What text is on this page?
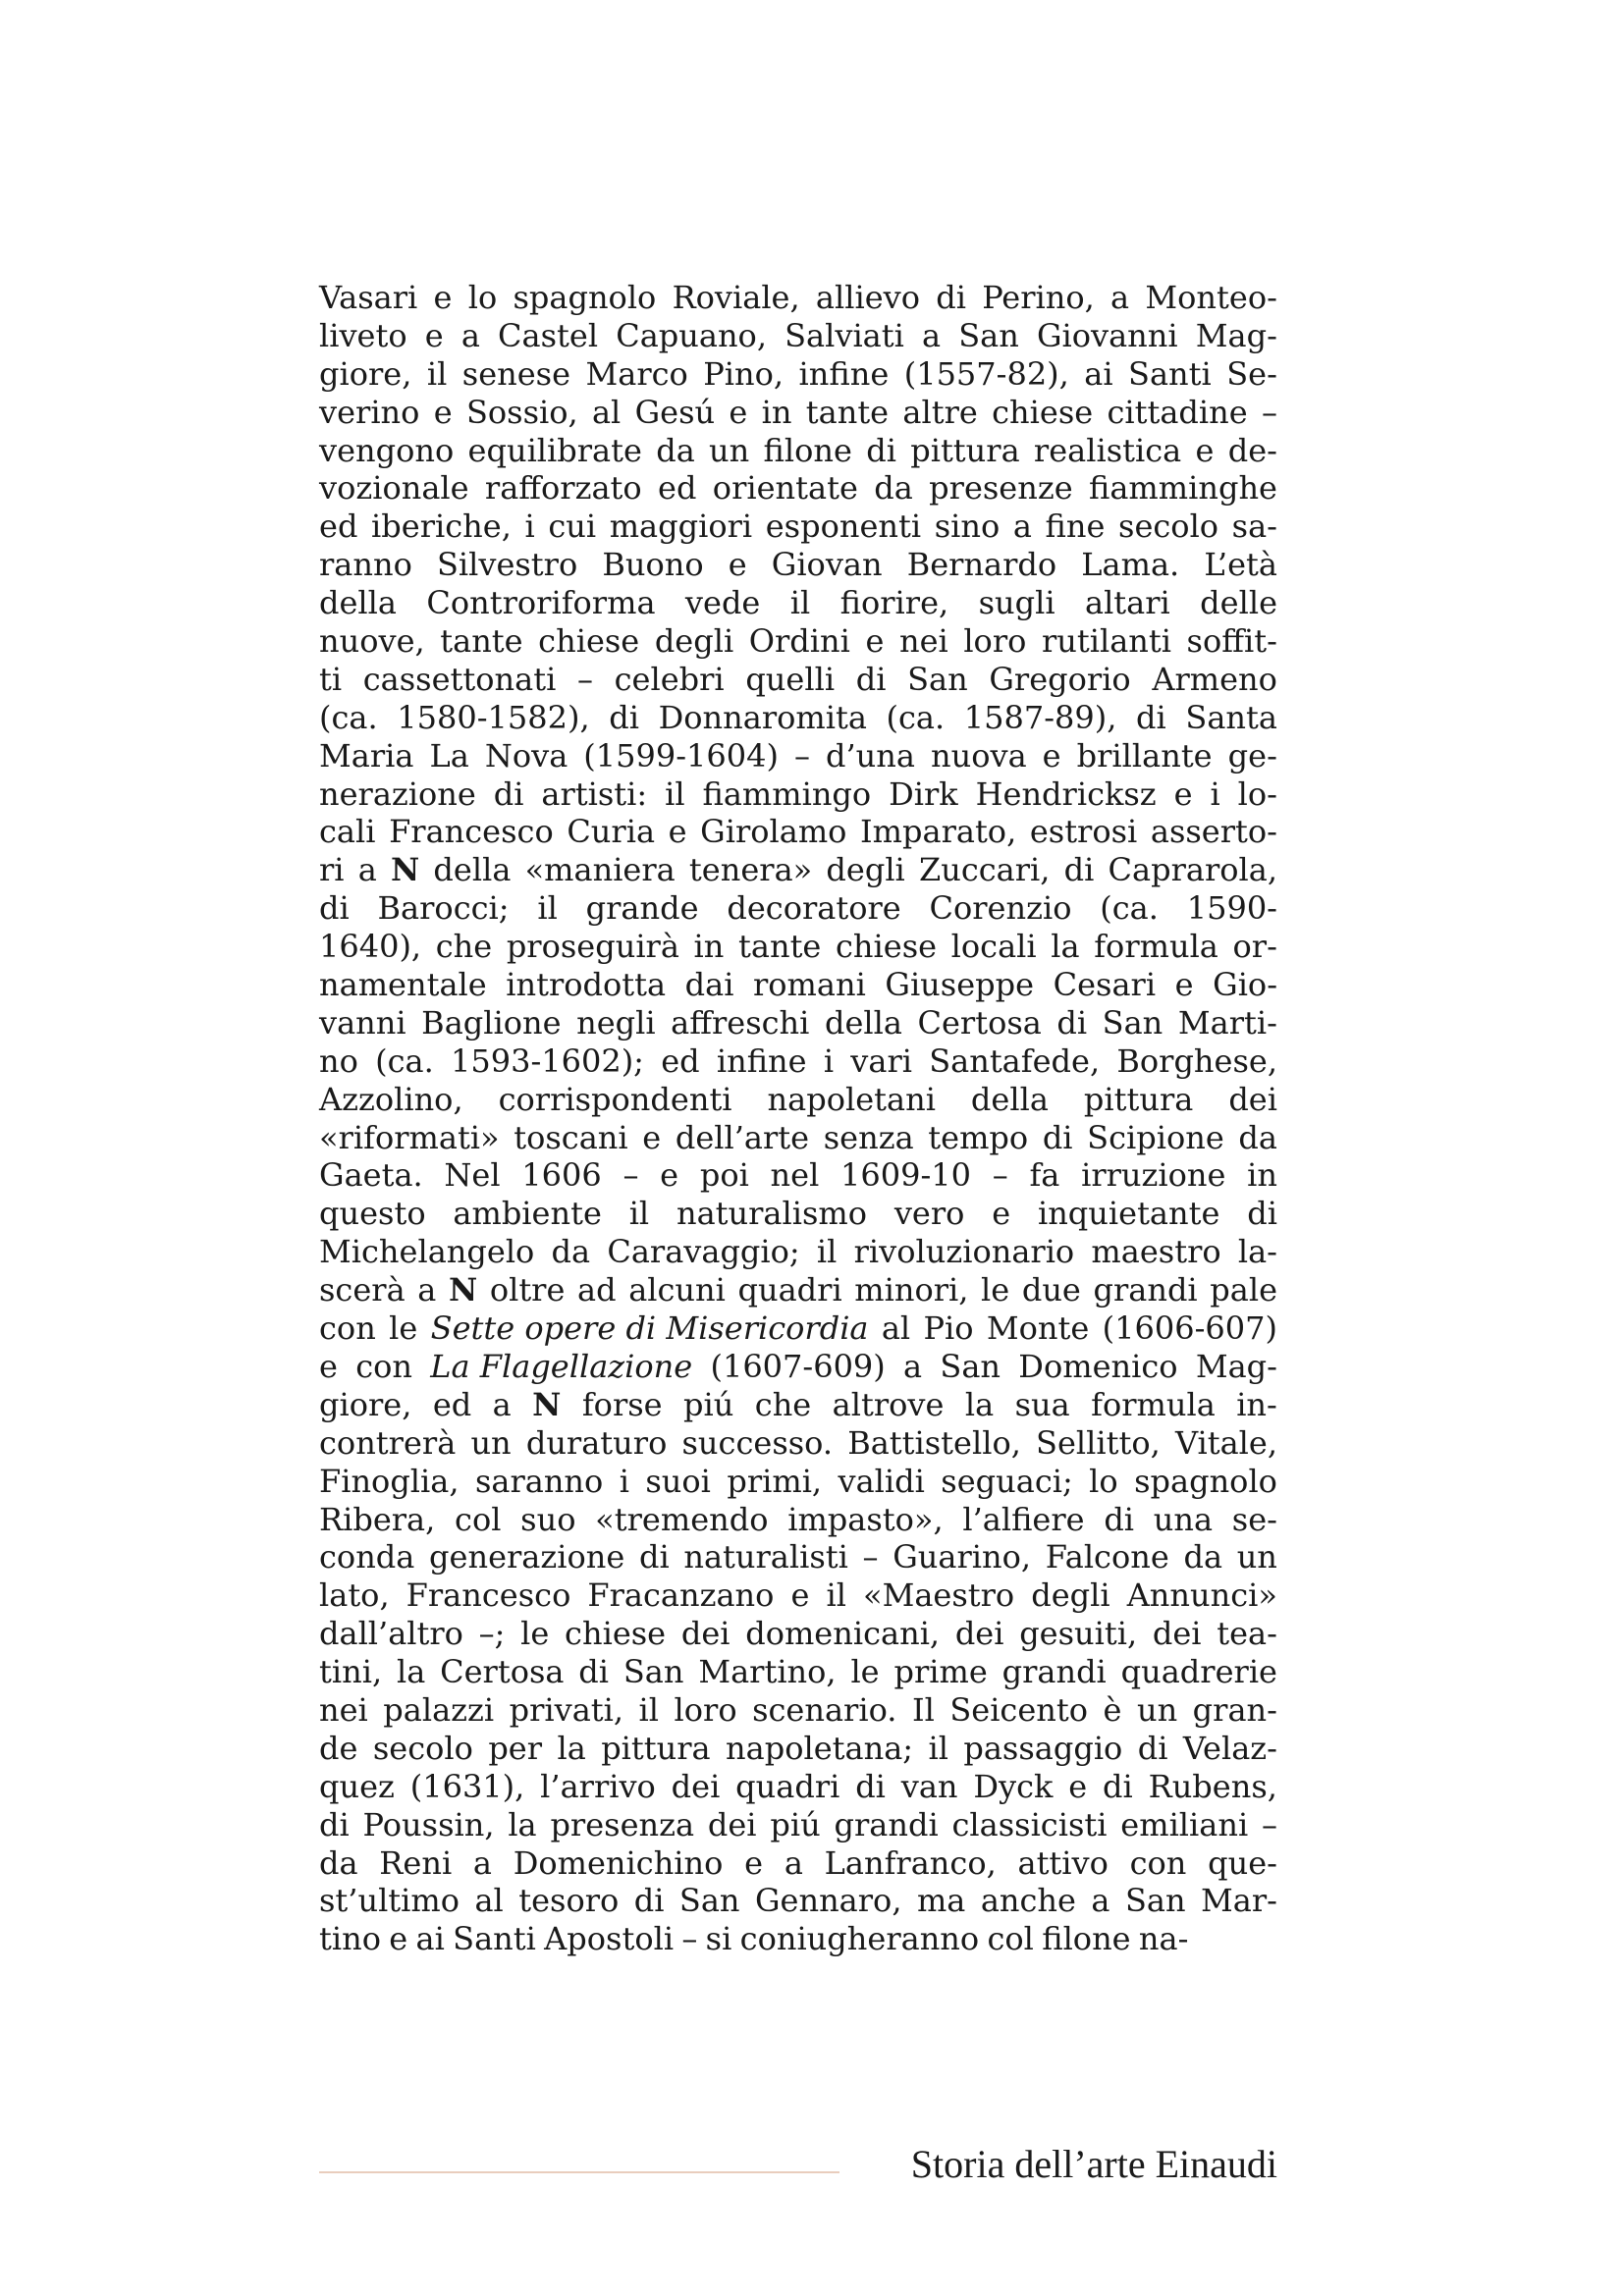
Vasari e lo spagnolo Roviale, allievo di Perino, a Monteo-
liveto e a Castel Capuano, Salviati a San Giovanni Mag-
giore, il senese Marco Pino, infine (1557-82), ai Santi Se-
verino e Sossio, al Gesú e in tante altre chiese cittadine –
vengono equilibrate da un filone di pittura realistica e de-
vozionale rafforzato ed orientate da presenze fiamminghe
ed iberiche, i cui maggiori esponenti sino a fine secolo sa-
ranno Silvestro Buono e Giovan Bernardo Lama. L’età
della Controriforma vede il fiorire, sugli altari delle
nuove, tante chiese degli Ordini e nei loro rutilanti soffit-
ti cassettonati – celebri quelli di San Gregorio Armeno
(ca. 1580-1582), di Donnaromita (ca. 1587-89), di Santa
Maria La Nova (1599-1604) – d’una nuova e brillante ge-
nerazione di artisti: il fiammingo Dirk Hendricksz e i lo-
cali Francesco Curia e Girolamo Imparato, estrosi asserto-
ri a N della «maniera tenera» degli Zuccari, di Caprarola,
di Barocci; il grande decoratore Corenzio (ca. 1590-
1640), che proseguirà in tante chiese locali la formula or-
namentale introdotta dai romani Giuseppe Cesari e Gio-
vanni Baglione negli affreschi della Certosa di San Marti-
no (ca. 1593-1602); ed infine i vari Santafede, Borghese,
Azzolino, corrispondenti napoletani della pittura dei
«riformati» toscani e dell’arte senza tempo di Scipione da
Gaeta. Nel 1606 – e poi nel 1609-10 – fa irruzione in
questo ambiente il naturalismo vero e inquietante di
Michelangelo da Caravaggio; il rivoluzionario maestro la-
scerà a N oltre ad alcuni quadri minori, le due grandi pale
con le Sette opere di Misericordia al Pio Monte (1606-607)
e con La Flagellazione (1607-609) a San Domenico Mag-
giore, ed a N forse piú che altrove la sua formula in-
contrerà un duraturo successo. Battistello, Sellitto, Vitale,
Finoglia, saranno i suoi primi, validi seguaci; lo spagnolo
Ribera, col suo «tremendo impasto», l’alfiere di una se-
conda generazione di naturalisti – Guarino, Falcone da un
lato, Francesco Fracanzano e il «Maestro degli Annunci»
dall’altro –; le chiese dei domenicani, dei gesuiti, dei tea-
tini, la Certosa di San Martino, le prime grandi quadrerie
nei palazzi privati, il loro scenario. Il Seicento è un gran-
de secolo per la pittura napoletana; il passaggio di Velaz-
quez (1631), l’arrivo dei quadri di van Dyck e di Rubens,
di Poussin, la presenza dei piú grandi classicisti emiliani –
da Reni a Domenichino e a Lanfranco, attivo con que-
st’ultimo al tesoro di San Gennaro, ma anche a San Mar-
tino e ai Santi Apostoli – si coniugheranno col filone na-
Storia dell’arte Einaudi
